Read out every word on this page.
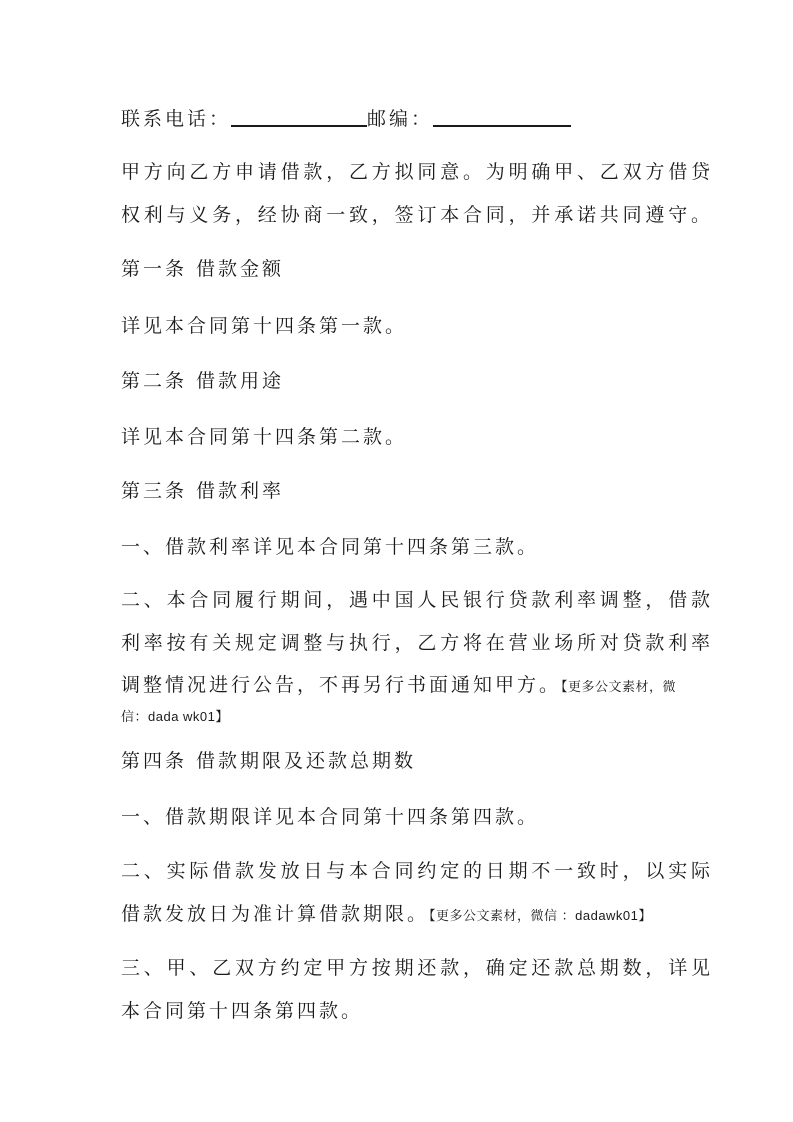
联系电话：	邮编：
甲方向乙方申请借款，乙方拟同意。为明确甲、乙双方借贷
权利与义务，经协商一致，签订本合同，并承诺共同遵守。
第一条 借款金额
详见本合同第十四条第一款。
第二条 借款用途
详见本合同第十四条第二款。
第三条 借款利率
一、借款利率详见本合同第十四条第三款。
二、本合同履行期间，遇中国人民银行贷款利率调整，借款
利率按有关规定调整与执行，乙方将在营业场所对贷款利率
调整情况进行公告，不再另行书面通知甲方。【更多公文素材，微
信：dada wk01】
第四条 借款期限及还款总期数
一、借款期限详见本合同第十四条第四款。
二、实际借款发放日与本合同约定的日期不一致时，以实际
借款发放日为准计算借款期限。【更多公文素材，微信 ：dadawk01】
三、甲、乙双方约定甲方按期还款，确定还款总期数，详见
本合同第十四条第四款。
